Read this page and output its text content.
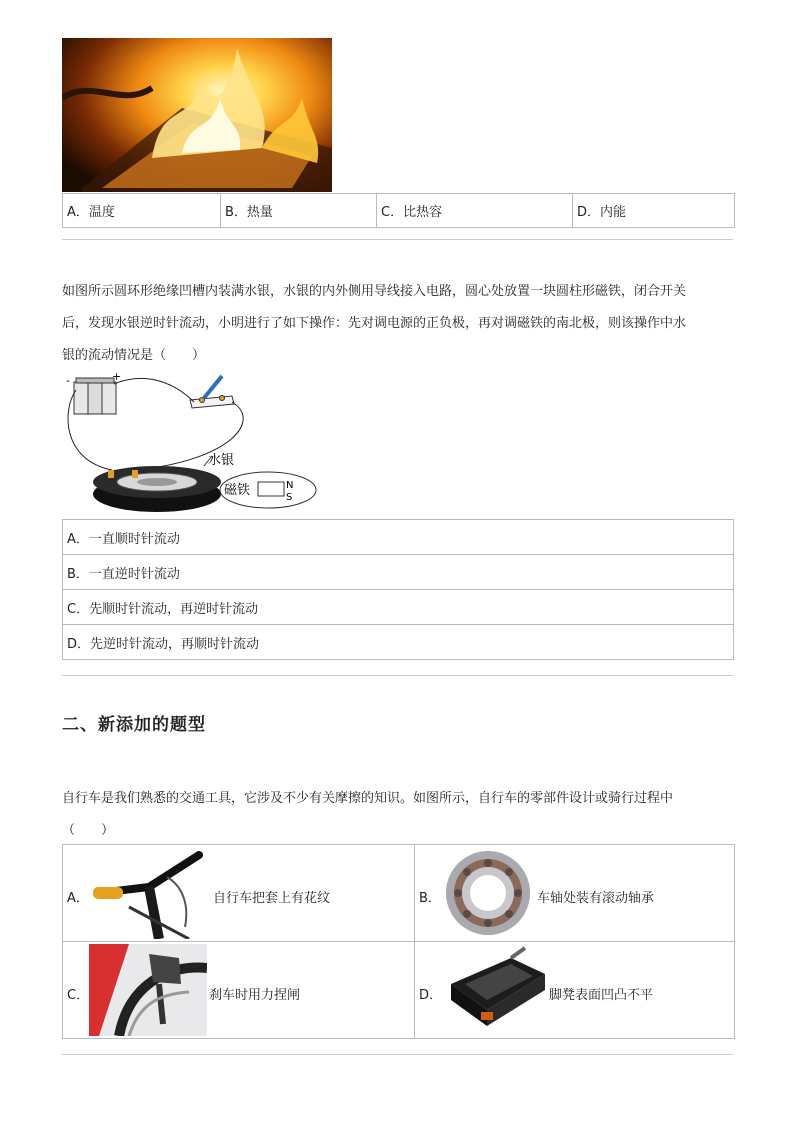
A．温度	B．热量	C．比热容	D．内能
如图所示圆环形绝缘凹槽内装满水银，水银的内外侧用导线接入电路，圆心处放置一块圆柱形磁铁，闭合开关
后，发现水银逆时针流动，小明进行了如下操作：先对调电源的正负极，再对调磁铁的南北极，则该操作中水
银的流动情况是（　　）
-	+
水银
磁铁	N
S
A．一直顺时针流动
B．一直逆时针流动
C．先顺时针流动，再逆时针流动
D．先逆时针流动，再顺时针流动
二、新添加的题型
自行车是我们熟悉的交通工具，它涉及不少有关摩擦的知识。如图所示，自行车的零部件设计或骑行过程中
（　　）
A． 自行车把套上有花纹	B． 车轴处装有滚动轴承

C． 刹车时用力捏闸	D． 脚凳表面凹凸不平
